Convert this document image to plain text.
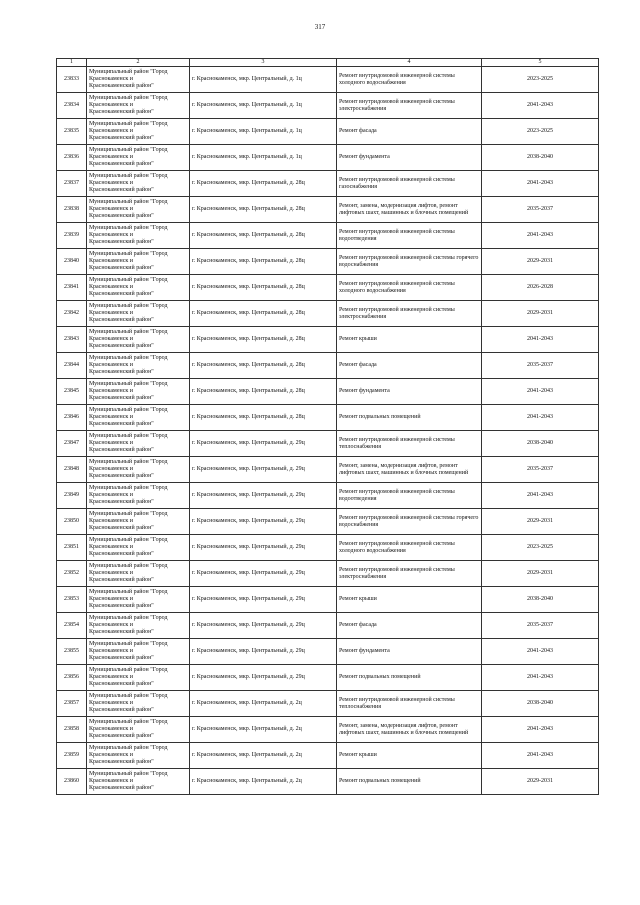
317
1	2	3	4	5
23833	Муниципальный район "Город
Краснокаменск и
Краснокаменский район"	г. Краснокаменск, мкр. Центральный, д. 1ц	Ремонт внутридомовой инженерной системы холодного водоснабжения	2023-2025
23834	Муниципальный район "Город
Краснокаменск и
Краснокаменский район"	г. Краснокаменск, мкр. Центральный, д. 1ц	Ремонт внутридомовой инженерной системы электроснабжения	2041-2043
23835	Муниципальный район "Город
Краснокаменск и
Краснокаменский район"	г. Краснокаменск, мкр. Центральный, д. 1ц	Ремонт фасада	2023-2025
23836	Муниципальный район "Город
Краснокаменск и
Краснокаменский район"	г. Краснокаменск, мкр. Центральный, д. 1ц	Ремонт фундамента	2038-2040
23837	Муниципальный район "Город
Краснокаменск и
Краснокаменский район"	г. Краснокаменск, мкр. Центральный, д. 28ц	Ремонт внутридомовой инженерной системы газоснабжения	2041-2043
23838	Муниципальный район "Город
Краснокаменск и
Краснокаменский район"	г. Краснокаменск, мкр. Центральный, д. 28ц	Ремонт, замена, модернизация лифтов, ремонт лифтовых шахт, машинных и блочных помещений	2035-2037
23839	Муниципальный район "Город
Краснокаменск и
Краснокаменский район"	г. Краснокаменск, мкр. Центральный, д. 28ц	Ремонт внутридомовой инженерной системы водоотведения	2041-2043
23840	Муниципальный район "Город
Краснокаменск и
Краснокаменский район"	г. Краснокаменск, мкр. Центральный, д. 28ц	Ремонт внутридомовой инженерной системы горячего водоснабжения	2029-2031
23841	Муниципальный район "Город
Краснокаменск и
Краснокаменский район"	г. Краснокаменск, мкр. Центральный, д. 28ц	Ремонт внутридомовой инженерной системы холодного водоснабжения	2026-2028
23842	Муниципальный район "Город
Краснокаменск и
Краснокаменский район"	г. Краснокаменск, мкр. Центральный, д. 28ц	Ремонт внутридомовой инженерной системы электроснабжения	2029-2031
23843	Муниципальный район "Город
Краснокаменск и
Краснокаменский район"	г. Краснокаменск, мкр. Центральный, д. 28ц	Ремонт крыши	2041-2043
23844	Муниципальный район "Город
Краснокаменск и
Краснокаменский район"	г. Краснокаменск, мкр. Центральный, д. 28ц	Ремонт фасада	2035-2037
23845	Муниципальный район "Город
Краснокаменск и
Краснокаменский район"	г. Краснокаменск, мкр. Центральный, д. 28ц	Ремонт фундамента	2041-2043
23846	Муниципальный район "Город
Краснокаменск и
Краснокаменский район"	г. Краснокаменск, мкр. Центральный, д. 28ц	Ремонт подвальных помещений	2041-2043
23847	Муниципальный район "Город
Краснокаменск и
Краснокаменский район"	г. Краснокаменск, мкр. Центральный, д. 29ц	Ремонт внутридомовой инженерной системы теплоснабжения	2038-2040
23848	Муниципальный район "Город
Краснокаменск и
Краснокаменский район"	г. Краснокаменск, мкр. Центральный, д. 29ц	Ремонт, замена, модернизация лифтов, ремонт лифтовых шахт, машинных и блочных помещений	2035-2037
23849	Муниципальный район "Город
Краснокаменск и
Краснокаменский район"	г. Краснокаменск, мкр. Центральный, д. 29ц	Ремонт внутридомовой инженерной системы водоотведения	2041-2043
23850	Муниципальный район "Город
Краснокаменск и
Краснокаменский район"	г. Краснокаменск, мкр. Центральный, д. 29ц	Ремонт внутридомовой инженерной системы горячего водоснабжения	2029-2031
23851	Муниципальный район "Город
Краснокаменск и
Краснокаменский район"	г. Краснокаменск, мкр. Центральный, д. 29ц	Ремонт внутридомовой инженерной системы холодного водоснабжения	2023-2025
23852	Муниципальный район "Город
Краснокаменск и
Краснокаменский район"	г. Краснокаменск, мкр. Центральный, д. 29ц	Ремонт внутридомовой инженерной системы электроснабжения	2029-2031
23853	Муниципальный район "Город
Краснокаменск и
Краснокаменский район"	г. Краснокаменск, мкр. Центральный, д. 29ц	Ремонт крыши	2038-2040
23854	Муниципальный район "Город
Краснокаменск и
Краснокаменский район"	г. Краснокаменск, мкр. Центральный, д. 29ц	Ремонт фасада	2035-2037
23855	Муниципальный район "Город
Краснокаменск и
Краснокаменский район"	г. Краснокаменск, мкр. Центральный, д. 29ц	Ремонт фундамента	2041-2043
23856	Муниципальный район "Город
Краснокаменск и
Краснокаменский район"	г. Краснокаменск, мкр. Центральный, д. 29ц	Ремонт подвальных помещений	2041-2043
23857	Муниципальный район "Город
Краснокаменск и
Краснокаменский район"	г. Краснокаменск, мкр. Центральный, д. 2ц	Ремонт внутридомовой инженерной системы теплоснабжения	2038-2040
23858	Муниципальный район "Город
Краснокаменск и
Краснокаменский район"	г. Краснокаменск, мкр. Центральный, д. 2ц	Ремонт, замена, модернизация лифтов, ремонт лифтовых шахт, машинных и блочных помещений	2041-2043
23859	Муниципальный район "Город
Краснокаменск и
Краснокаменский район"	г. Краснокаменск, мкр. Центральный, д. 2ц	Ремонт крыши	2041-2043
23860	Муниципальный район "Город
Краснокаменск и
Краснокаменский район"	г. Краснокаменск, мкр. Центральный, д. 2ц	Ремонт подвальных помещений	2029-2031
